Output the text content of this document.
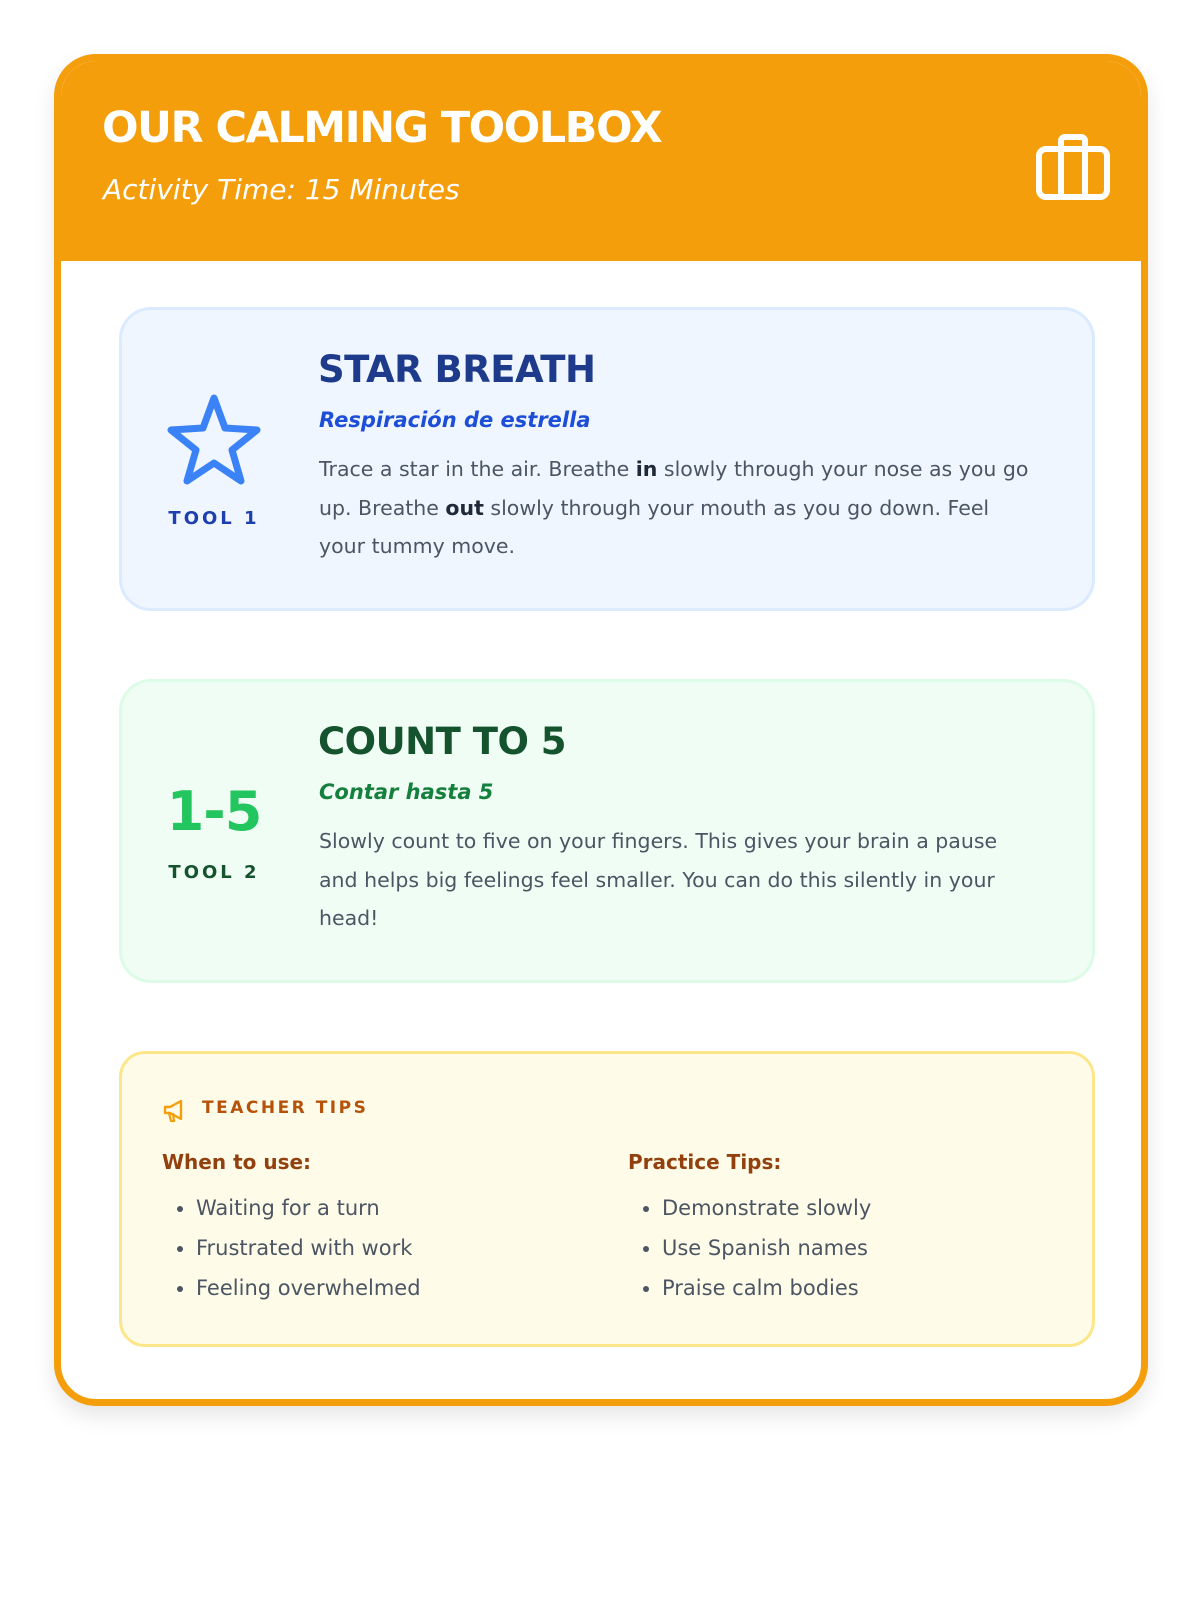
OUR CALMING TOOLBOX
Activity Time: 15 Minutes
TOOL 1
STAR BREATH
Respiración de estrella
Trace a star in the air. Breathe in slowly through your nose as you go up. Breathe out slowly through your mouth as you go down. Feel your tummy move.
1-5
TOOL 2
COUNT TO 5
Contar hasta 5
Slowly count to five on your fingers. This gives your brain a pause and helps big feelings feel smaller. You can do this silently in your head!
TEACHER TIPS
When to use:
• Waiting for a turn
• Frustrated with work
• Feeling overwhelmed
Practice Tips:
• Demonstrate slowly
• Use Spanish names
• Praise calm bodies
